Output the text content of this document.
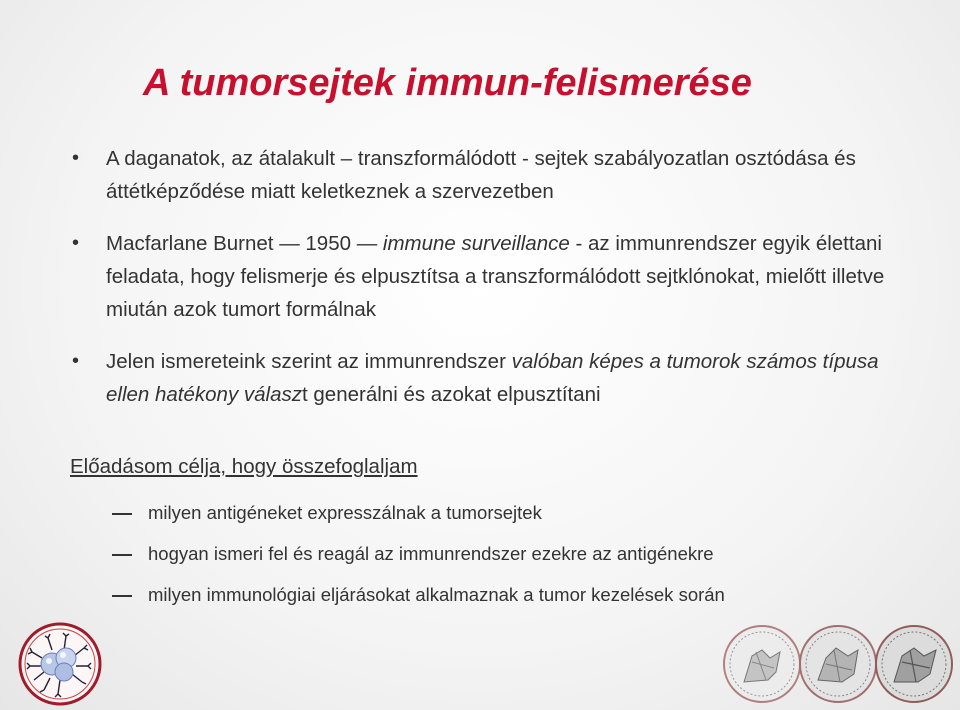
A tumorsejtek immun-felismerése
• A daganatok, az átalakult – transzformálódott - sejtek szabályozatlan osztódása és áttétképződése miatt keletkeznek a szervezetben
• Macfarlane Burnet — 1950 — immune surveillance - az immunrendszer egyik élettani feladata, hogy felismerje és elpusztítsa a transzformálódott sejtklónokat, mielőtt illetve miután azok tumort formálnak
• Jelen ismereteink szerint az immunrendszer valóban képes a tumorok számos típusa ellen hatékony választ generálni és azokat elpusztítani

Előadásom célja, hogy összefoglaljam

milyen antigéneket expresszálnak a tumorsejtek
hogyan ismeri fel és reagál az immunrendszer ezekre az antigénekre
milyen immunológiai eljárásokat alkalmaznak a tumor kezelések során
